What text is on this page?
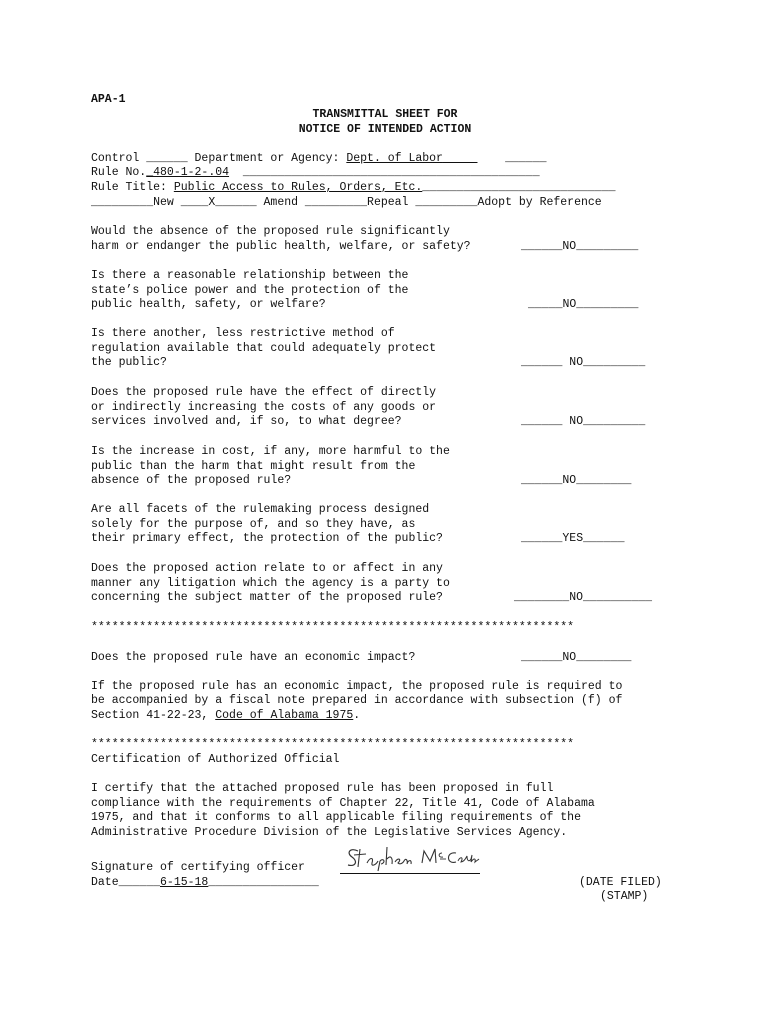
APA-1
TRANSMITTAL SHEET FOR
NOTICE OF INTENDED ACTION
Control ______ Department or Agency: Dept. of Labor	______
Rule No._480-1-2-.04  ___________________________________________
Rule Title: Public Access to Rules, Orders, Etc.____________________________
_________New ____X______ Amend _________Repeal _________Adopt by Reference
Would the absence of the proposed rule significantly
harm or endanger the public health, welfare, or safety?	______NO_________
Is there a reasonable relationship between the
state’s police power and the protection of the
public health, safety, or welfare?	_____NO_________
Is there another, less restrictive method of
regulation available that could adequately protect
the public?	______ NO_________
Does the proposed rule have the effect of directly
or indirectly increasing the costs of any goods or
services involved and, if so, to what degree?	______ NO_________
Is the increase in cost, if any, more harmful to the
public than the harm that might result from the
absence of the proposed rule?	______NO________
Are all facets of the rulemaking process designed
solely for the purpose of, and so they have, as
their primary effect, the protection of the public?	______YES______
Does the proposed action relate to or affect in any
manner any litigation which the agency is a party to
concerning the subject matter of the proposed rule?	________NO__________
**********************************************************************
Does the proposed rule have an economic impact?	______NO________
If the proposed rule has an economic impact, the proposed rule is required to
be accompanied by a fiscal note prepared in accordance with subsection (f) of
Section 41-22-23, Code of Alabama 1975.
**********************************************************************
Certification of Authorized Official
I certify that the attached proposed rule has been proposed in full
compliance with the requirements of Chapter 22, Title 41, Code of Alabama
1975, and that it conforms to all applicable filing requirements of the
Administrative Procedure Division of the Legislative Services Agency.
Signature of certifying officer
Date______6-15-18________________	(DATE FILED)
(STAMP)
